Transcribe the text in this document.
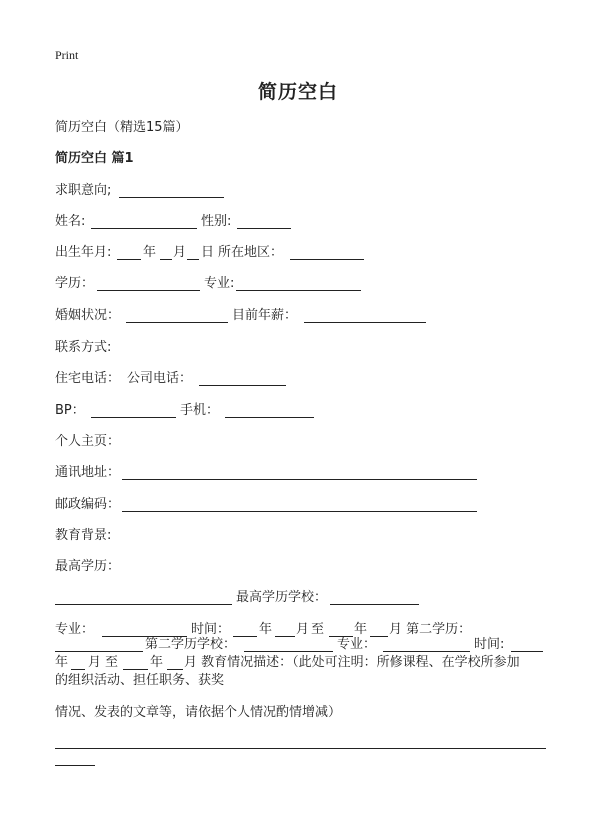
Print
简历空白
简历空白（精选15篇）
简历空白 篇1
求职意向;
姓名:	性别:
出生年月: 年 月 日 所在地区：
学历：	专业:
婚姻状况：	目前年薪：
联系方式:
住宅电话： 公司电话：
BP：	手机：
个人主页：
通讯地址：
邮政编码：
教育背景:
最高学历：
最高学历学校：
专业：	时间： 年 月 至 年 月 第二学历：
第二学历学校：	专业：	时间:
年 月 至 年 月 教育情况描述：（此处可注明：所修课程、在学校所参加
的组织活动、担任职务、获奖
情况、发表的文章等，请依据个人情况酌情增减）
